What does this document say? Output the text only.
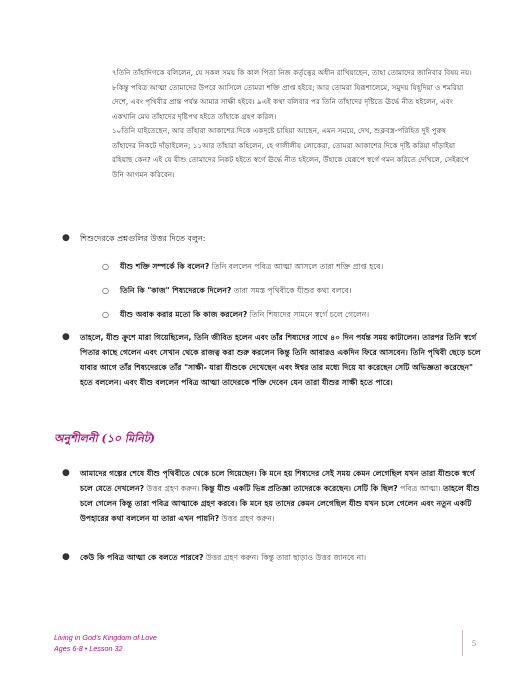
৭তিনি তাঁহাদিগকে বলিলেন, যে সকল সময় কি কাল পিতা নিজ কর্তৃত্বের অধীন রাখিয়াছেন, তাহা তোমাদের জানিবার বিষয় নয়।

৮কিন্তু পবিত্র আত্মা তোমাদের উপরে আসিলে তোমরা শক্তি প্রাপ্ত হইবে; আর তোমরা যিরূশালেমে, সমুদয় যিহূদিয়া ও শমরিয়া দেশে, এবং পৃথিবীর প্রান্ত পর্যন্ত আমার সাক্ষী হইবে। ৯এই কথা বলিবার পর তিনি তাঁহাদের দৃষ্টিতে ঊর্দ্ধে নীত হইলেন, এবং একখানি মেঘ তাঁহাদের দৃষ্টিপথ হইতে তাঁহাকে গ্রহণ করিল।

১০তিনি যাইতেছেন, আর তাঁহারা আকাশের দিকে একদৃষ্টে চাহিয়া আছেন, এমন সময়ে, দেখ, শুক্লবস্ত্র-পরিহিত দুই পুরুষ তাঁহাদের নিকটে দাঁড়াইলেন; ১১আর তাঁহারা কহিলেন, হে গালীলীয় লোকেরা, তোমরা আকাশের দিকে দৃষ্টি করিয়া দাঁড়াইয়া রহিয়াছ কেন? এই যে যীশু তোমাদের নিকট হইতে স্বর্গে ঊর্দ্ধে নীত হইলেন, উঁহাকে যেরূপে স্বর্গে গমন করিতে দেখিলে, সেইরূপে উনি আগমন করিবেন।

● শিশুদেরকে প্রশ্নগুলির উত্তর দিতে বলুন:
○ যীশু শক্তি সম্পর্কে কি বলেন? তিনি বললেন পবিত্র আত্মা আসলে তারা শক্তি প্রাপ্ত হবে।
○ তিনি কি "কাজ" শিষ্যদেরকে দিলেন? তারা সমস্ত পৃথিবীকে যীশুর কথা বলবে।
○ যীশু অবাক করার মতো কি কাজ করলেন? তিনি শিষ্যদের সামনে স্বর্গে চলে গেলেন।
● তাহলে, যীশু ক্রুশে মারা গিয়েছিলেন, তিনি জীবিত হলেন এবং তাঁর শিষ্যদের সাথে ৪০ দিন পর্যন্ত সময় কাটালেন। তারপর তিনি স্বর্গে পিতার কাছে গেলেন এবং সেখান থেকে রাজত্ব করা শুরু করলেন কিন্তু তিনি আবারও একদিন ফিরে আসবেন। তিনি পৃথিবী ছেড়ে চলে যাবার আগে তাঁর শিষ্যদেরকে তাঁর "সাক্ষী- যারা যীশুকে দেখেছেন এবং ঈশ্বর তার মধ্যে দিয়ে যা করেছেন সেটি অভিজ্ঞতা করেছেন" হতে বললেন। এবং যীশু বললেন পবিত্র আত্মা তাদেরকে শক্তি দেবেন যেন তারা যীশুর সাক্ষী হতে পারে।
অনুশীলনী (১০ মিনিট)
● আমাদের গল্পের শেষে যীশু পৃথিবীতে থেকে চলে গিয়েছেন। কি মনে হয় শিষ্যদের সেই সময় কেমন লেগেছিল যখন তারা যীশুকে স্বর্গে চলে যেতে দেখলেন? উত্তর গ্রহণ করুন। কিন্তু যীশু একটি ভিন্ন প্রতিজ্ঞা তাদেরকে করেছেন। সেটি কি ছিল? পবিত্র আত্মা। তাহলে যীশু চলে গেলেন কিন্তু তারা পবিত্র আত্মাকে গ্রহণ করবে। কি মনে হয় তাদের কেমন লেগেছিল যীশু যখন চলে গেলেন এবং নতুন একটি উপহারের কথা বললেন যা তারা এখন পায়নি? উত্তর গ্রহণ করুন।
● কেউ কি পবিত্র আত্মা কে বলতে পারবে? উত্তর গ্রহণ করুন। কিন্তু তারা ছাড়াও উত্তর জানবে না।
Living in God's Kingdom of Love
Ages 6-8 • Lesson 32
5
